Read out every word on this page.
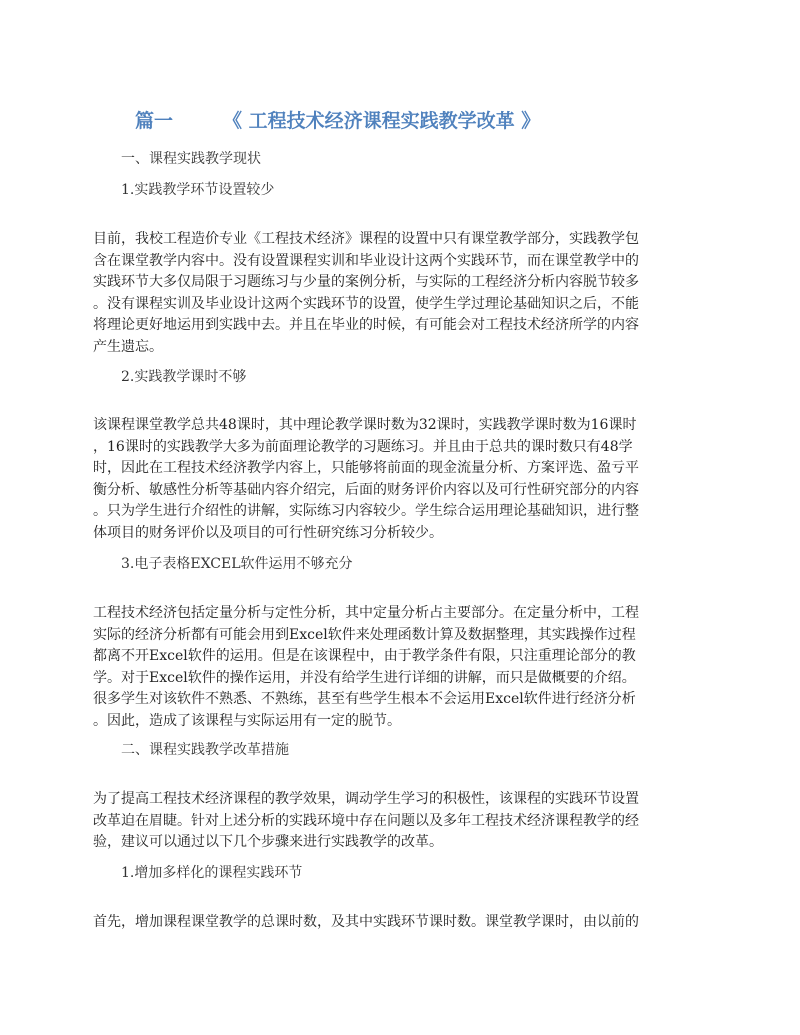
篇一	《 工程技术经济课程实践教学改革 》
一、课程实践教学现状
1.实践教学环节设置较少
目前，我校工程造价专业《工程技术经济》课程的设置中只有课堂教学部分，实践教学包
含在课堂教学内容中。没有设置课程实训和毕业设计这两个实践环节，而在课堂教学中的
实践环节大多仅局限于习题练习与少量的案例分析，与实际的工程经济分析内容脱节较多
。没有课程实训及毕业设计这两个实践环节的设置，使学生学过理论基础知识之后，不能
将理论更好地运用到实践中去。并且在毕业的时候，有可能会对工程技术经济所学的内容
产生遗忘。
2.实践教学课时不够
该课程课堂教学总共48课时，其中理论教学课时数为32课时，实践教学课时数为16课时
，16课时的实践教学大多为前面理论教学的习题练习。并且由于总共的课时数只有48学
时，因此在工程技术经济教学内容上，只能够将前面的现金流量分析、方案评选、盈亏平
衡分析、敏感性分析等基础内容介绍完，后面的财务评价内容以及可行性研究部分的内容
。只为学生进行介绍性的讲解，实际练习内容较少。学生综合运用理论基础知识，进行整
体项目的财务评价以及项目的可行性研究练习分析较少。
3.电子表格EXCEL软件运用不够充分
工程技术经济包括定量分析与定性分析，其中定量分析占主要部分。在定量分析中，工程
实际的经济分析都有可能会用到Excel软件来处理函数计算及数据整理，其实践操作过程
都离不开Excel软件的运用。但是在该课程中，由于教学条件有限，只注重理论部分的教
学。对于Excel软件的操作运用，并没有给学生进行详细的讲解，而只是做概要的介绍。
很多学生对该软件不熟悉、不熟练，甚至有些学生根本不会运用Excel软件进行经济分析
。因此，造成了该课程与实际运用有一定的脱节。
二、课程实践教学改革措施
为了提高工程技术经济课程的教学效果，调动学生学习的积极性，该课程的实践环节设置
改革迫在眉睫。针对上述分析的实践环境中存在问题以及多年工程技术经济课程教学的经
验，建议可以通过以下几个步骤来进行实践教学的改革。
1.增加多样化的课程实践环节
首先，增加课程课堂教学的总课时数，及其中实践环节课时数。课堂教学课时，由以前的
